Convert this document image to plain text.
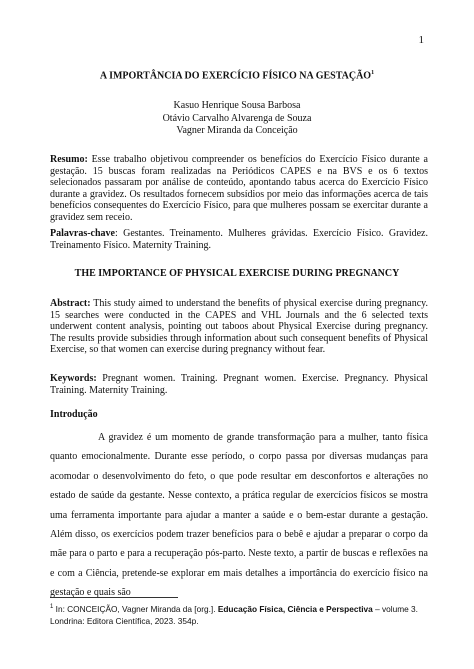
1
A IMPORTÂNCIA DO EXERCÍCIO FÍSICO NA GESTAÇÃO$^1$
Kasuo Henrique Sousa Barbosa
Otávio Carvalho Alvarenga de Souza
Vagner Miranda da Conceição
Resumo: Esse trabalho objetivou compreender os benefícios do Exercício Físico durante a gestação. 15 buscas foram realizadas na Periódicos CAPES e na BVS e os 6 textos selecionados passaram por análise de conteúdo, apontando tabus acerca do Exercício Físico durante a gravidez. Os resultados fornecem subsídios por meio das informações acerca de tais benefícios consequentes do Exercício Físico, para que mulheres possam se exercitar durante a gravidez sem receio.
Palavras-chave: Gestantes. Treinamento. Mulheres grávidas. Exercício Físico. Gravidez. Treinamento Físico. Maternity Training.
THE IMPORTANCE OF PHYSICAL EXERCISE DURING PREGNANCY
Abstract: This study aimed to understand the benefits of physical exercise during pregnancy. 15 searches were conducted in the CAPES and VHL Journals and the 6 selected texts underwent content analysis, pointing out taboos about Physical Exercise during pregnancy. The results provide subsidies through information about such consequent benefits of Physical Exercise, so that women can exercise during pregnancy without fear.
Keywords: Pregnant women. Training. Pregnant women. Exercise. Pregnancy. Physical Training. Maternity Training.
Introdução
A gravidez é um momento de grande transformação para a mulher, tanto física quanto emocionalmente. Durante esse período, o corpo passa por diversas mudanças para acomodar o desenvolvimento do feto, o que pode resultar em desconfortos e alterações no estado de saúde da gestante. Nesse contexto, a prática regular de exercícios físicos se mostra uma ferramenta importante para ajudar a manter a saúde e o bem-estar durante a gestação. Além disso, os exercícios podem trazer benefícios para o bebê e ajudar a preparar o corpo da mãe para o parto e para a recuperação pós-parto. Neste texto, a partir de buscas e reflexões na e com a Ciência, pretende-se explorar em mais detalhes a importância do exercício físico na gestação e quais são
$^1$ In: CONCEIÇÃO, Vagner Miranda da [org.]. Educação Física, Ciência e Perspectiva – volume 3. Londrina: Editora Científica, 2023. 354p.
